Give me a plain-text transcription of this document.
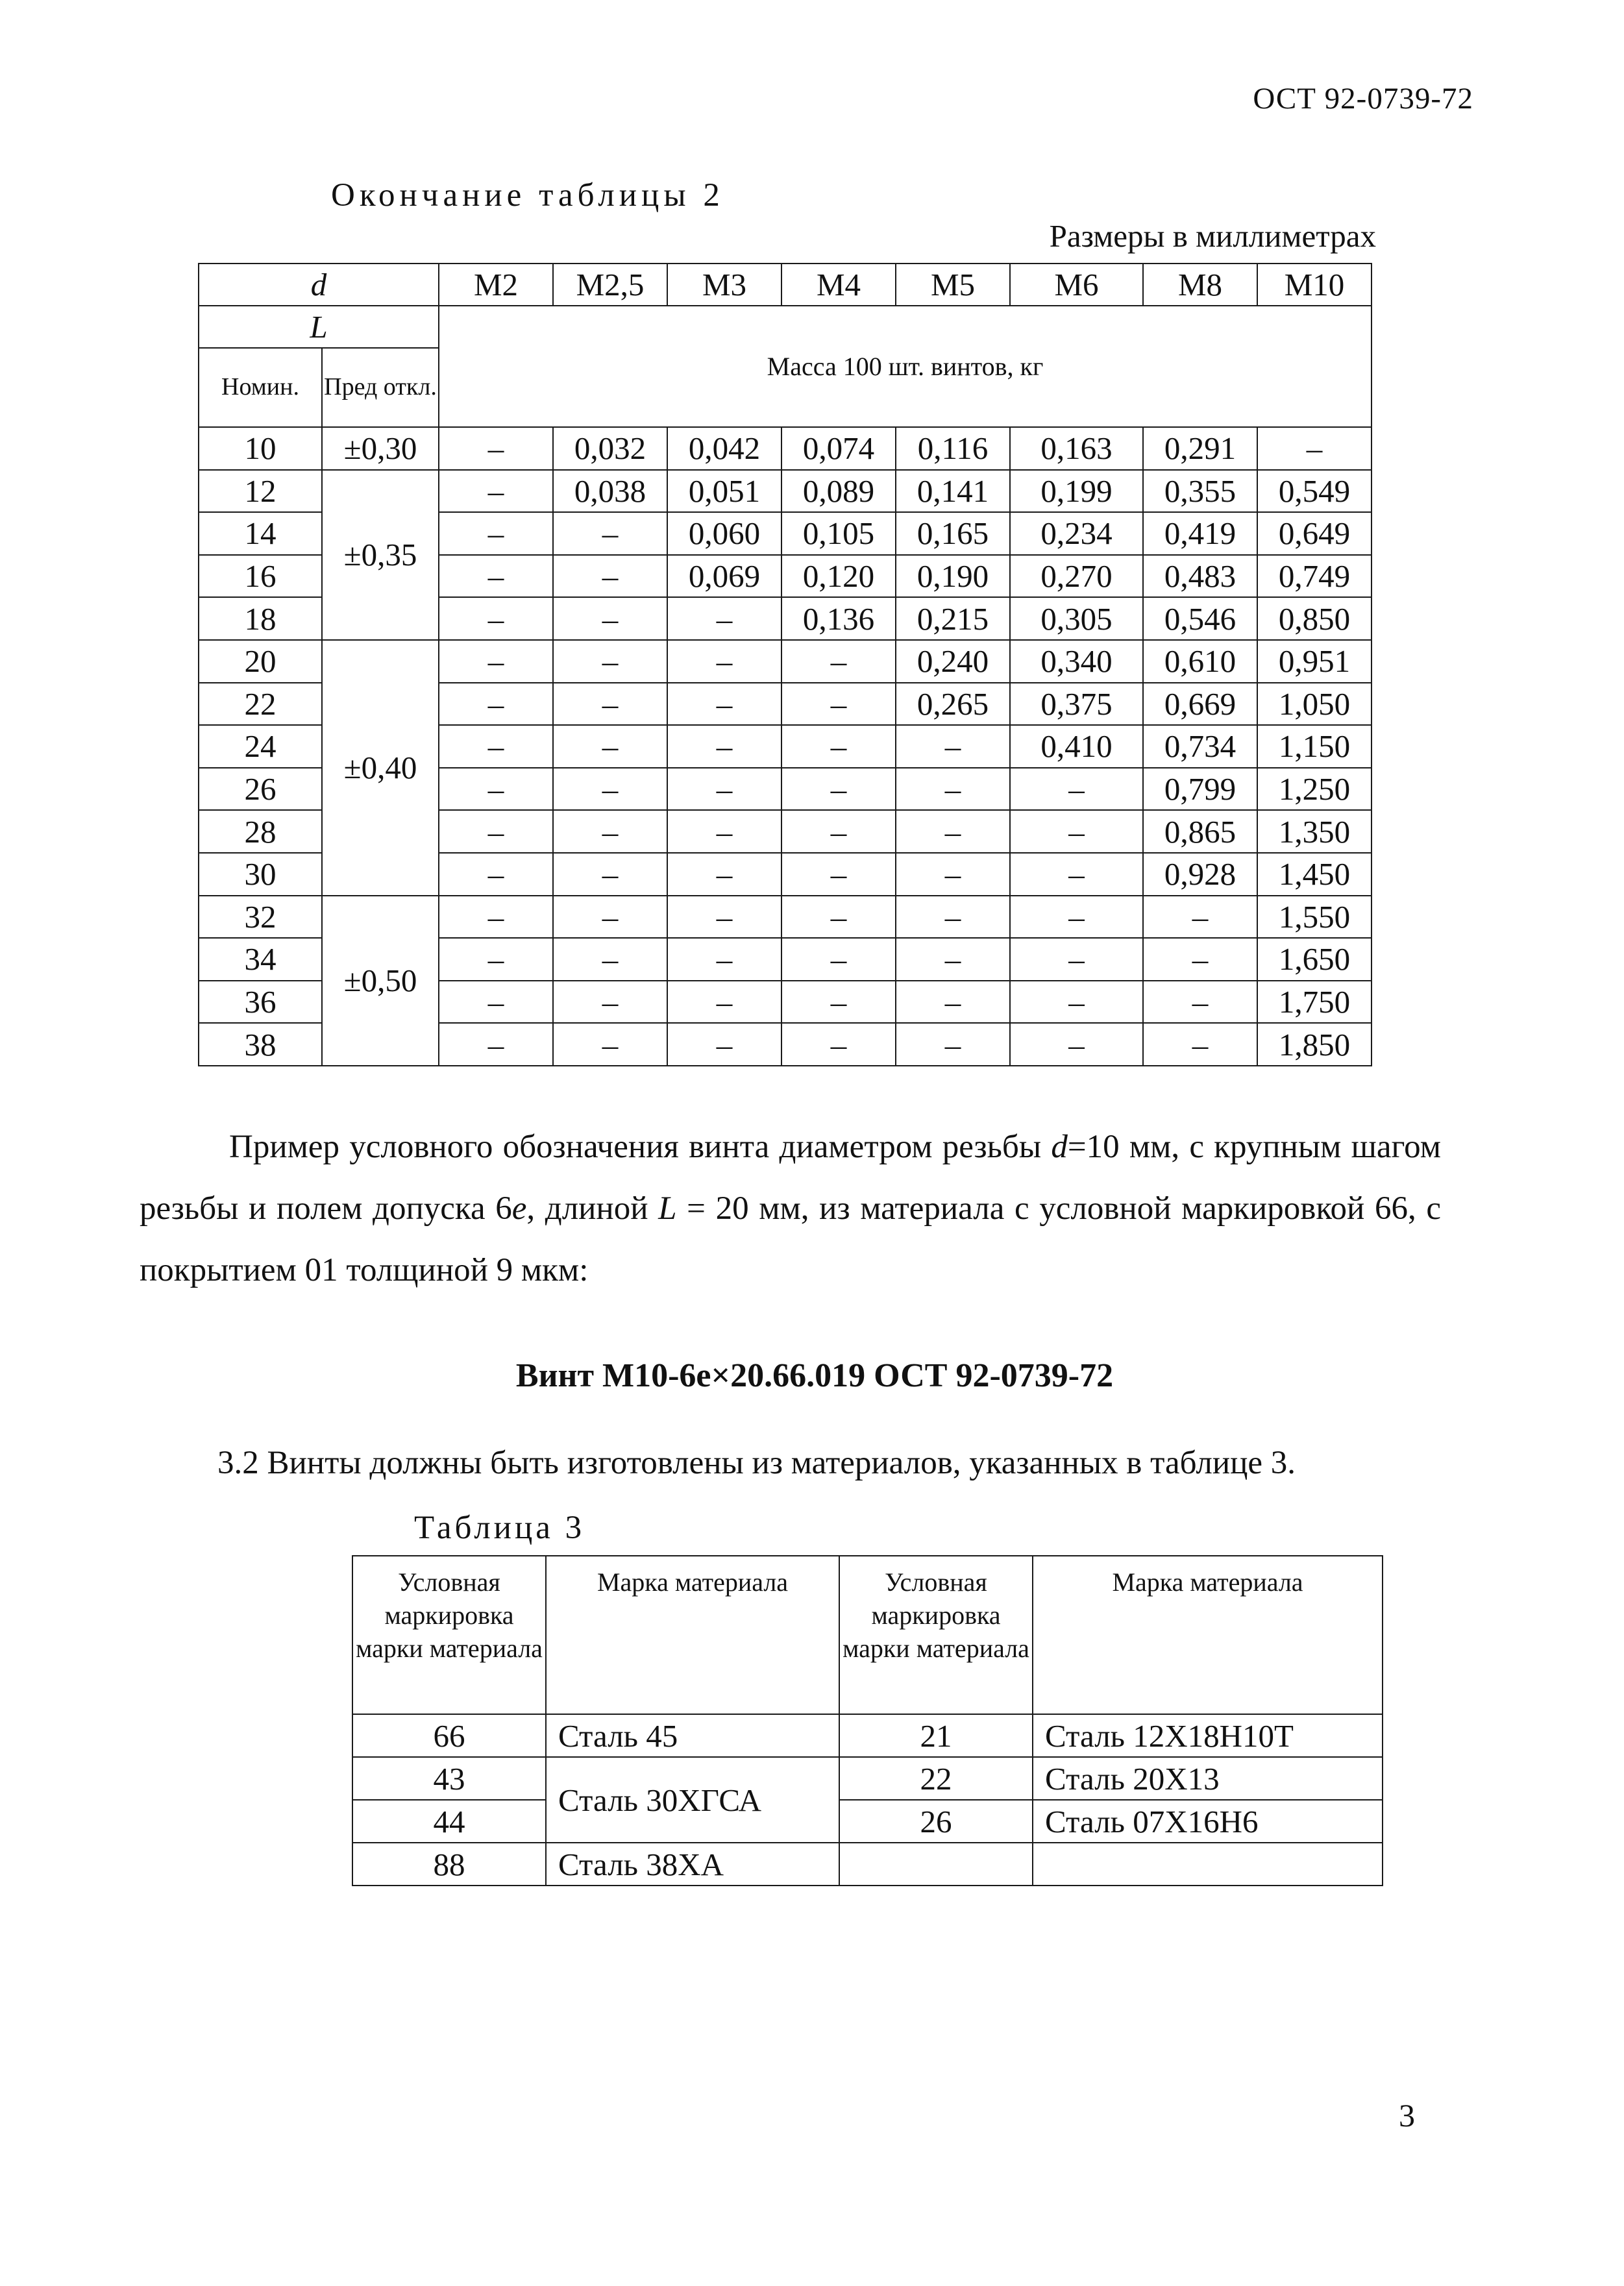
ОСТ 92-0739-72
Окончание таблицы 2
Размеры в миллиметрах
d		M2	M2,5	M3	M4	M5	M6	M8	M10
L		Масса 100 шт. винтов, кг							
Номин.	Пред откл.								
10	±0,30	–	0,032	0,042	0,074	0,116	0,163	0,291	–
12	±0,35	–	0,038	0,051	0,089	0,141	0,199	0,355	0,549
14		–	–	0,060	0,105	0,165	0,234	0,419	0,649
16		–	–	0,069	0,120	0,190	0,270	0,483	0,749
18		–	–	–	0,136	0,215	0,305	0,546	0,850
20	±0,40	–	–	–	–	0,240	0,340	0,610	0,951
22		–	–	–	–	0,265	0,375	0,669	1,050
24		–	–	–	–	–	0,410	0,734	1,150
26		–	–	–	–	–	–	0,799	1,250
28		–	–	–	–	–	–	0,865	1,350
30		–	–	–	–	–	–	0,928	1,450
32	±0,50	–	–	–	–	–	–	–	1,550
34		–	–	–	–	–	–	–	1,650
36		–	–	–	–	–	–	–	1,750
38		–	–	–	–	–	–	–	1,850
Пример условного обозначения винта диаметром резьбы d=10 мм, с крупным шагом резьбы и полем допуска 6e, длиной L = 20 мм, из материала с условной маркировкой 66, с покрытием 01 толщиной 9 мкм:
Винт М10-6е×20.66.019 ОСТ 92-0739-72
3.2 Винты должны быть изготовлены из материалов, указанных в таблице 3.
Таблица 3
Условная маркировка марки материала	Марка материала	Условная маркировка марки материала	Марка материала
66	Сталь 45	21	Сталь 12Х18Н10Т
43	Сталь 30ХГСА	22	Сталь 20Х13
44		26	Сталь 07Х16Н6
88	Сталь 38ХА		
3
